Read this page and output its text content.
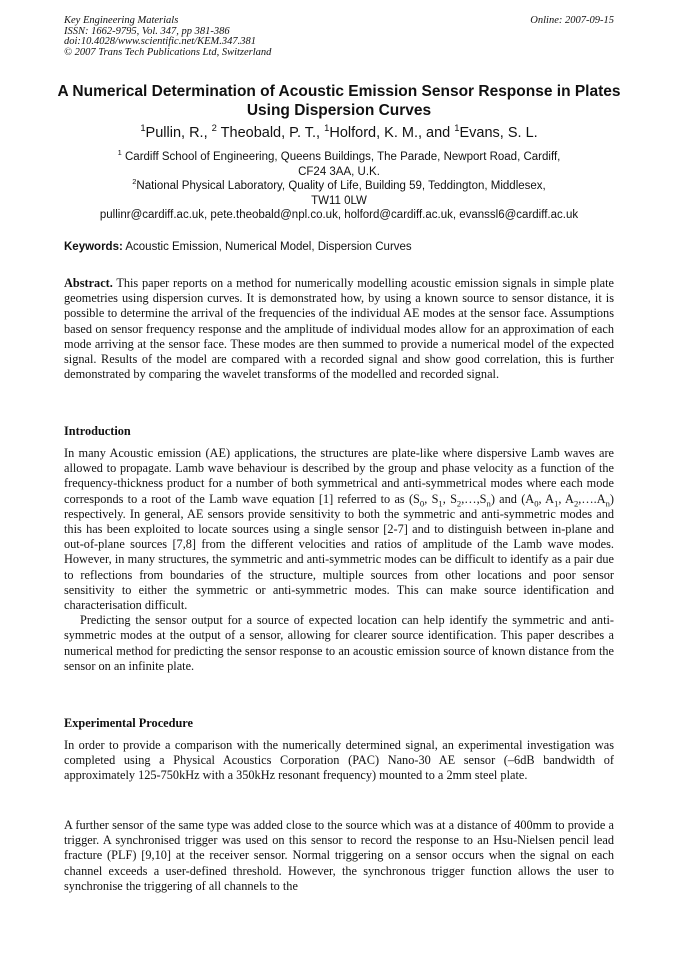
Key Engineering Materials
ISSN: 1662-9795, Vol. 347, pp 381-386
doi:10.4028/www.scientific.net/KEM.347.381
© 2007 Trans Tech Publications Ltd, Switzerland
Online: 2007-09-15
A Numerical Determination of Acoustic Emission Sensor Response in Plates Using Dispersion Curves
$^1$Pullin, R., $^2$ Theobald, P. T., $^1$Holford, K. M., and $^1$Evans, S. L.
$^1$ Cardiff School of Engineering, Queens Buildings, The Parade, Newport Road, Cardiff,
CF24 3AA, U.K.
$^2$National Physical Laboratory, Quality of Life, Building 59, Teddington, Middlesex,
TW11 0LW
pullinr@cardiff.ac.uk, pete.theobald@npl.co.uk, holford@cardiff.ac.uk, evanssl6@cardiff.ac.uk
Keywords: Acoustic Emission, Numerical Model, Dispersion Curves
Abstract. This paper reports on a method for numerically modelling acoustic emission signals in simple plate geometries using dispersion curves. It is demonstrated how, by using a known source to sensor distance, it is possible to determine the arrival of the frequencies of the individual AE modes at the sensor face. Assumptions based on sensor frequency response and the amplitude of individual modes allow for an approximation of each mode arriving at the sensor face. These modes are then summed to provide a numerical model of the expected signal. Results of the model are compared with a recorded signal and show good correlation, this is further demonstrated by comparing the wavelet transforms of the modelled and recorded signal.
Introduction

In many Acoustic emission (AE) applications, the structures are plate-like where dispersive Lamb waves are allowed to propagate. Lamb wave behaviour is described by the group and phase velocity as a function of the frequency-thickness product for a number of both symmetrical and anti-symmetrical modes where each mode corresponds to a root of the Lamb wave equation [1] referred to as ($S_0$, $S_1$, $S_2,\dots,S_n$) and ($A_0$, $A_1$, $A_2,\dots.A_n$) respectively. In general, AE sensors provide sensitivity to both the symmetric and anti-symmetric modes and this has been exploited to locate sources using a single sensor [2-7] and to distinguish between in-plane and out-of-plane sources [7,8] from the different velocities and ratios of amplitude of the Lamb wave modes. However, in many structures, the symmetric and anti-symmetric modes can be difficult to identify as a pair due to reflections from boundaries of the structure, multiple sources from other locations and poor sensor sensitivity to either the symmetric or anti-symmetric modes. This can make source identification and characterisation difficult.

Predicting the sensor output for a source of expected location can help identify the symmetric and anti-symmetric modes at the output of a sensor, allowing for clearer source identification. This paper describes a numerical method for predicting the sensor response to an acoustic emission source of known distance from the sensor on an infinite plate.

Experimental Procedure
In order to provide a comparison with the numerically determined signal, an experimental investigation was completed using a Physical Acoustics Corporation (PAC) Nano-30 AE sensor (–6dB bandwidth of approximately 125-750kHz with a 350kHz resonant frequency) mounted to a 2mm steel plate.
A further sensor of the same type was added close to the source which was at a distance of 400mm to provide a trigger. A synchronised trigger was used on this sensor to record the response to an Hsu-Nielsen pencil lead fracture (PLF) [9,10] at the receiver sensor. Normal triggering on a sensor occurs when the signal on each channel exceeds a user-defined threshold. However, the synchronous trigger function allows the user to synchronise the triggering of all channels to the
